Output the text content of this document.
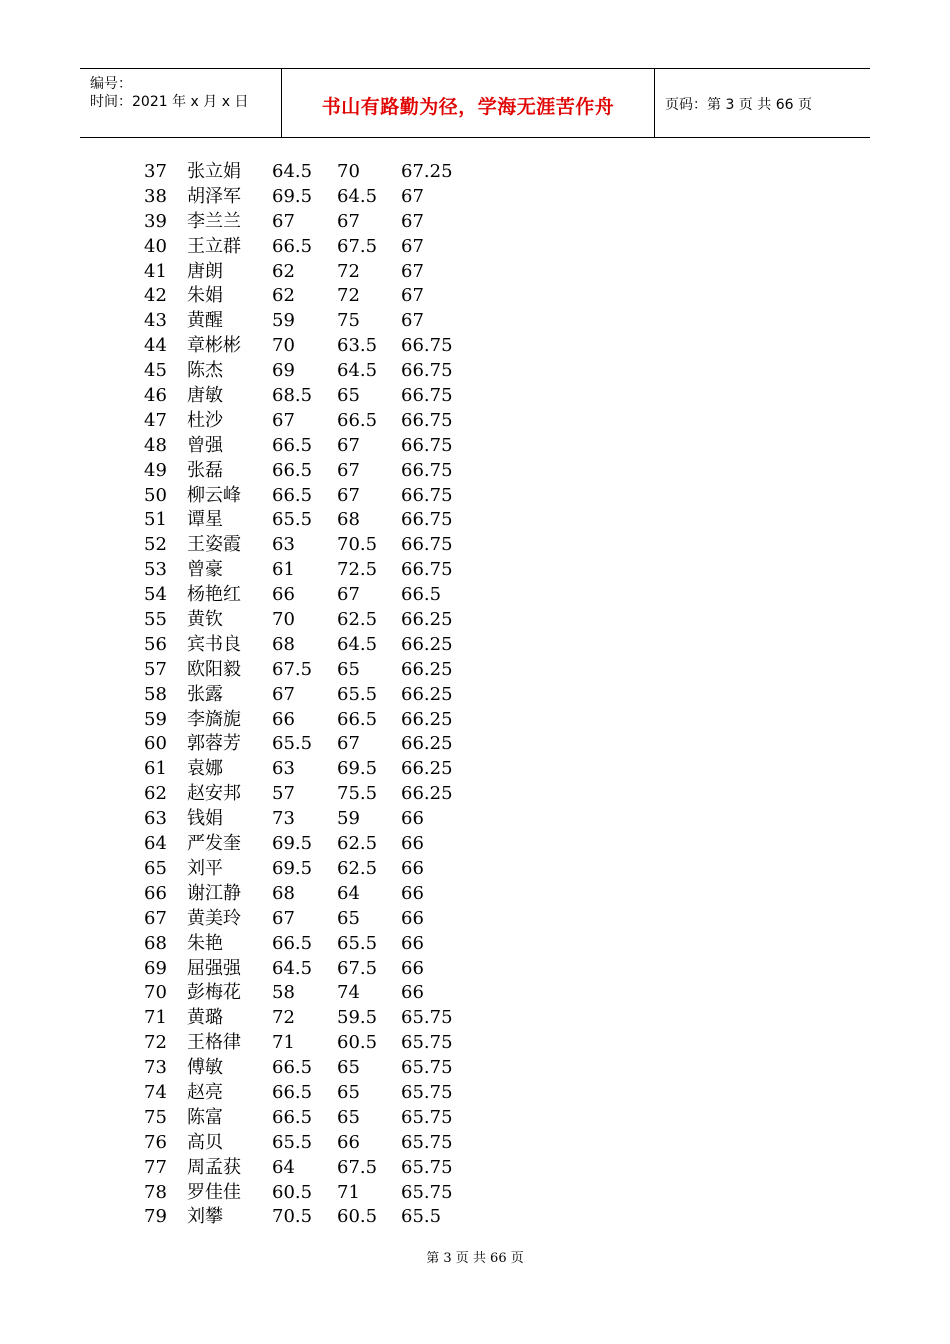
编号：
时间：2021 年 x 月 x 日	书山有路勤为径，学海无涯苦作舟	页码：第 3 页 共 66 页
37 张立娟 64.5 70 67.25
38 胡泽军 69.5 64.5 67
39 李兰兰 67 67 67
40 王立群 66.5 67.5 67
41 唐朗	62 72 67
42 朱娟	62 72 67
43 黄醒	59 75 67
44 章彬彬 70 63.5 66.75
45 陈杰	69 64.5 66.75
46 唐敏	68.5 65 66.75
47 杜沙	67 66.5 66.75
48 曾强	66.5 67 66.75
49 张磊	66.5 67 66.75
50 柳云峰 66.5 67 66.75
51 谭星	65.5 68 66.75
52 王姿霞 63 70.5 66.75
53 曾豪	61 72.5 66.75
54 杨艳红 66 67 66.5
55 黄钦	70 62.5 66.25
56 宾书良 68 64.5 66.25
57 欧阳毅 67.5 65 66.25
58 张露	67 65.5 66.25
59 李旖旎 66 66.5 66.25
60 郭蓉芳 65.5 67 66.25
61 袁娜	63 69.5 66.25
62 赵安邦 57 75.5 66.25
63 钱娟	73 59 66
64 严发奎 69.5 62.5 66
65 刘平	69.5 62.5 66
66 谢江静 68 64 66
67 黄美玲 67 65 66
68 朱艳	66.5 65.5 66
69 屈强强 64.5 67.5 66
70 彭梅花 58 74 66
71 黄璐	72 59.5 65.75
72 王格律 71 60.5 65.75
73 傅敏	66.5 65 65.75
74 赵亮	66.5 65 65.75
75 陈富	66.5 65 65.75
76 高贝	65.5 66 65.75
77 周孟获 64 67.5 65.75
78 罗佳佳 60.5 71 65.75
79 刘攀	70.5 60.5 65.5
第 3 页 共 66 页
